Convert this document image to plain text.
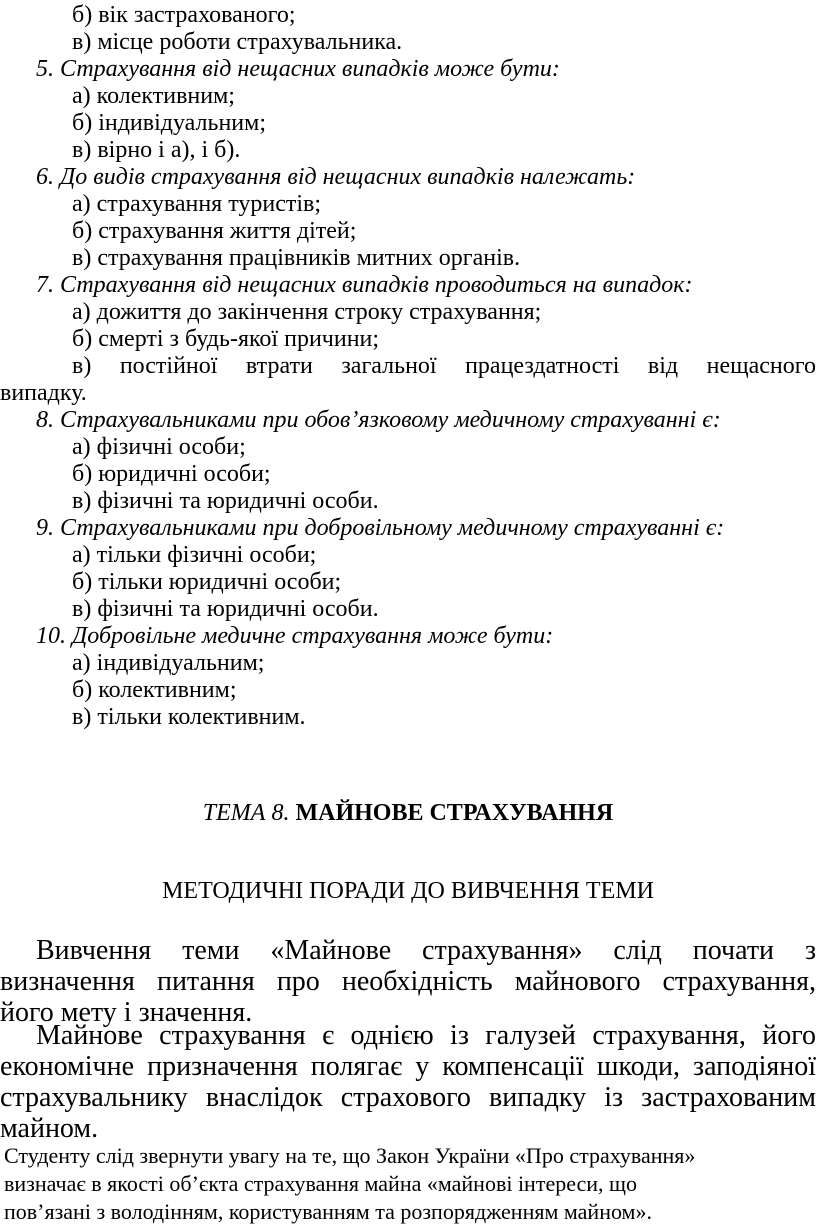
б) вік застрахованого;
в) місце роботи страхувальника.
5. Страхування від нещасних випадків може бути:
а) колективним;
б) індивідуальним;
в) вірно і а), і б).
6. До видів страхування від нещасних випадків належать:
а) страхування туристів;
б) страхування життя дітей;
в) страхування працівників митних органів.
7. Страхування від нещасних випадків проводиться на випадок:
а) дожиття до закінчення строку страхування;
б) смерті з будь-якої причини;
в) постійної втрати загальної працездатності від нещасного
випадку.
8. Страхувальниками при обов’язковому медичному страхуванні є:
а) фізичні особи;
б) юридичні особи;
в) фізичні та юридичні особи.
9. Страхувальниками при добровільному медичному страхуванні є:
а) тільки фізичні особи;
б) тільки юридичні особи;
в) фізичні та юридичні особи.
10. Добровільне медичне страхування може бути:
а) індивідуальним;
б) колективним;
в) тільки колективним.
ТЕМА 8. МАЙНОВЕ СТРАХУВАННЯ
МЕТОДИЧНІ ПОРАДИ ДО ВИВЧЕННЯ ТЕМИ
Вивчення теми «Майнове страхування» слід почати з
визначення питання про необхідність майнового страхування,
його мету і значення.
Майнове страхування є однією із галузей страхування, його
економічне призначення полягає у компенсації шкоди, заподіяної
страхувальнику внаслідок страхового випадку із застрахованим
майном.
Студенту слід звернути увагу на те, що Закон України «Про страхування»
визначає в якості об’єкта страхування майна «майнові інтереси, що
пов’язані з володінням, користуванням та розпорядженням майном».
